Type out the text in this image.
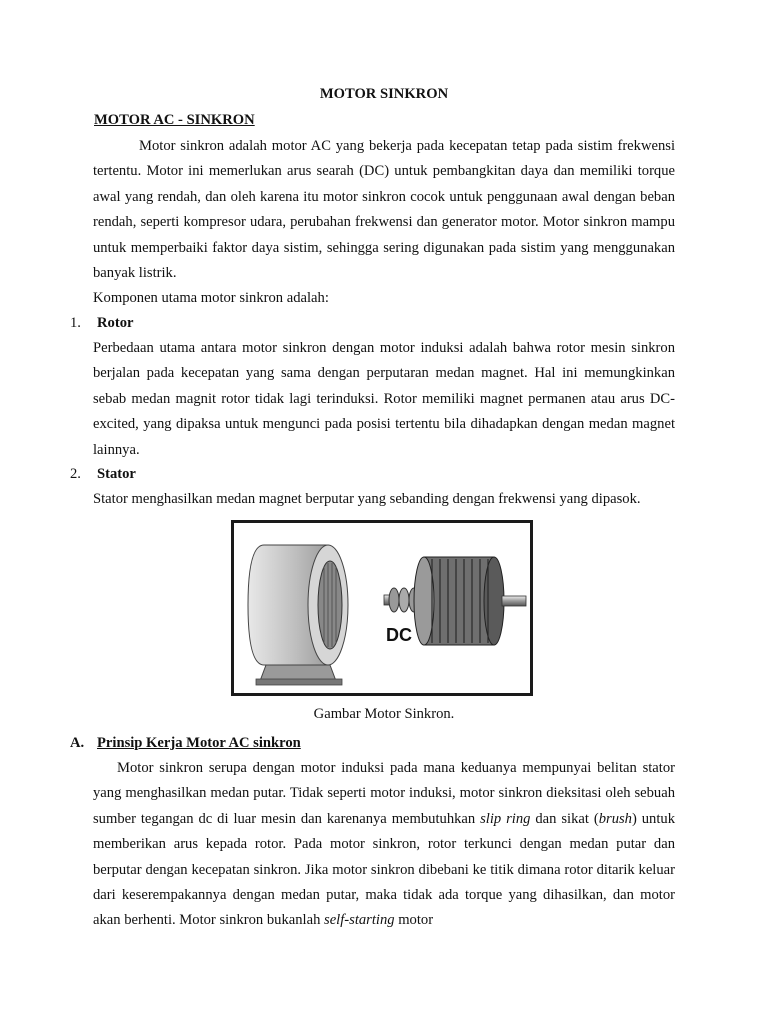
MOTOR SINKRON
MOTOR AC - SINKRON

Motor sinkron adalah motor AC yang bekerja pada kecepatan tetap pada sistim frekwensi tertentu. Motor ini memerlukan arus searah (DC) untuk pembangkitan daya dan memiliki torque awal yang rendah, dan oleh karena itu motor sinkron cocok untuk penggunaan awal dengan beban rendah, seperti kompresor udara, perubahan frekwensi dan generator motor. Motor sinkron mampu untuk memperbaiki faktor daya sistim, sehingga sering digunakan pada sistim yang menggunakan banyak listrik.

Komponen utama motor sinkron adalah:

1. Rotor

Perbedaan utama antara motor sinkron dengan motor induksi adalah bahwa rotor mesin sinkron berjalan pada kecepatan yang sama dengan perputaran medan magnet. Hal ini memungkinkan sebab medan magnit rotor tidak lagi terinduksi. Rotor memiliki magnet permanen atau arus DC-excited, yang dipaksa untuk mengunci pada posisi tertentu bila dihadapkan dengan medan magnet lainnya.

2. Stator

Stator menghasilkan medan magnet berputar yang sebanding dengan frekwensi yang dipasok.

DC
Gambar Motor Sinkron.
A. Prinsip Kerja Motor AC sinkron

Motor sinkron serupa dengan motor induksi pada mana keduanya mempunyai belitan stator yang menghasilkan medan putar. Tidak seperti motor induksi, motor sinkron dieksitasi oleh sebuah sumber tegangan dc di luar mesin dan karenanya membutuhkan slip ring dan sikat (brush) untuk memberikan arus kepada rotor. Pada motor sinkron, rotor terkunci dengan medan putar dan berputar dengan kecepatan sinkron. Jika motor sinkron dibebani ke titik dimana rotor ditarik keluar dari keserempakannya dengan medan putar, maka tidak ada torque yang dihasilkan, dan motor akan berhenti. Motor sinkron bukanlah self-starting motor
